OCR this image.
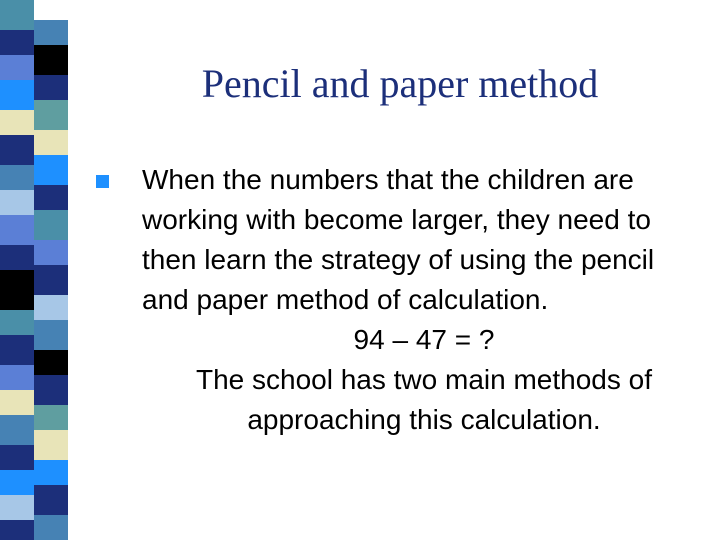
Pencil and paper method
When the numbers that the children are working with become larger, they need to then learn the strategy of using the pencil and paper method of calculation.
94 – 47 = ?
The school has two main methods of
approaching this calculation.
